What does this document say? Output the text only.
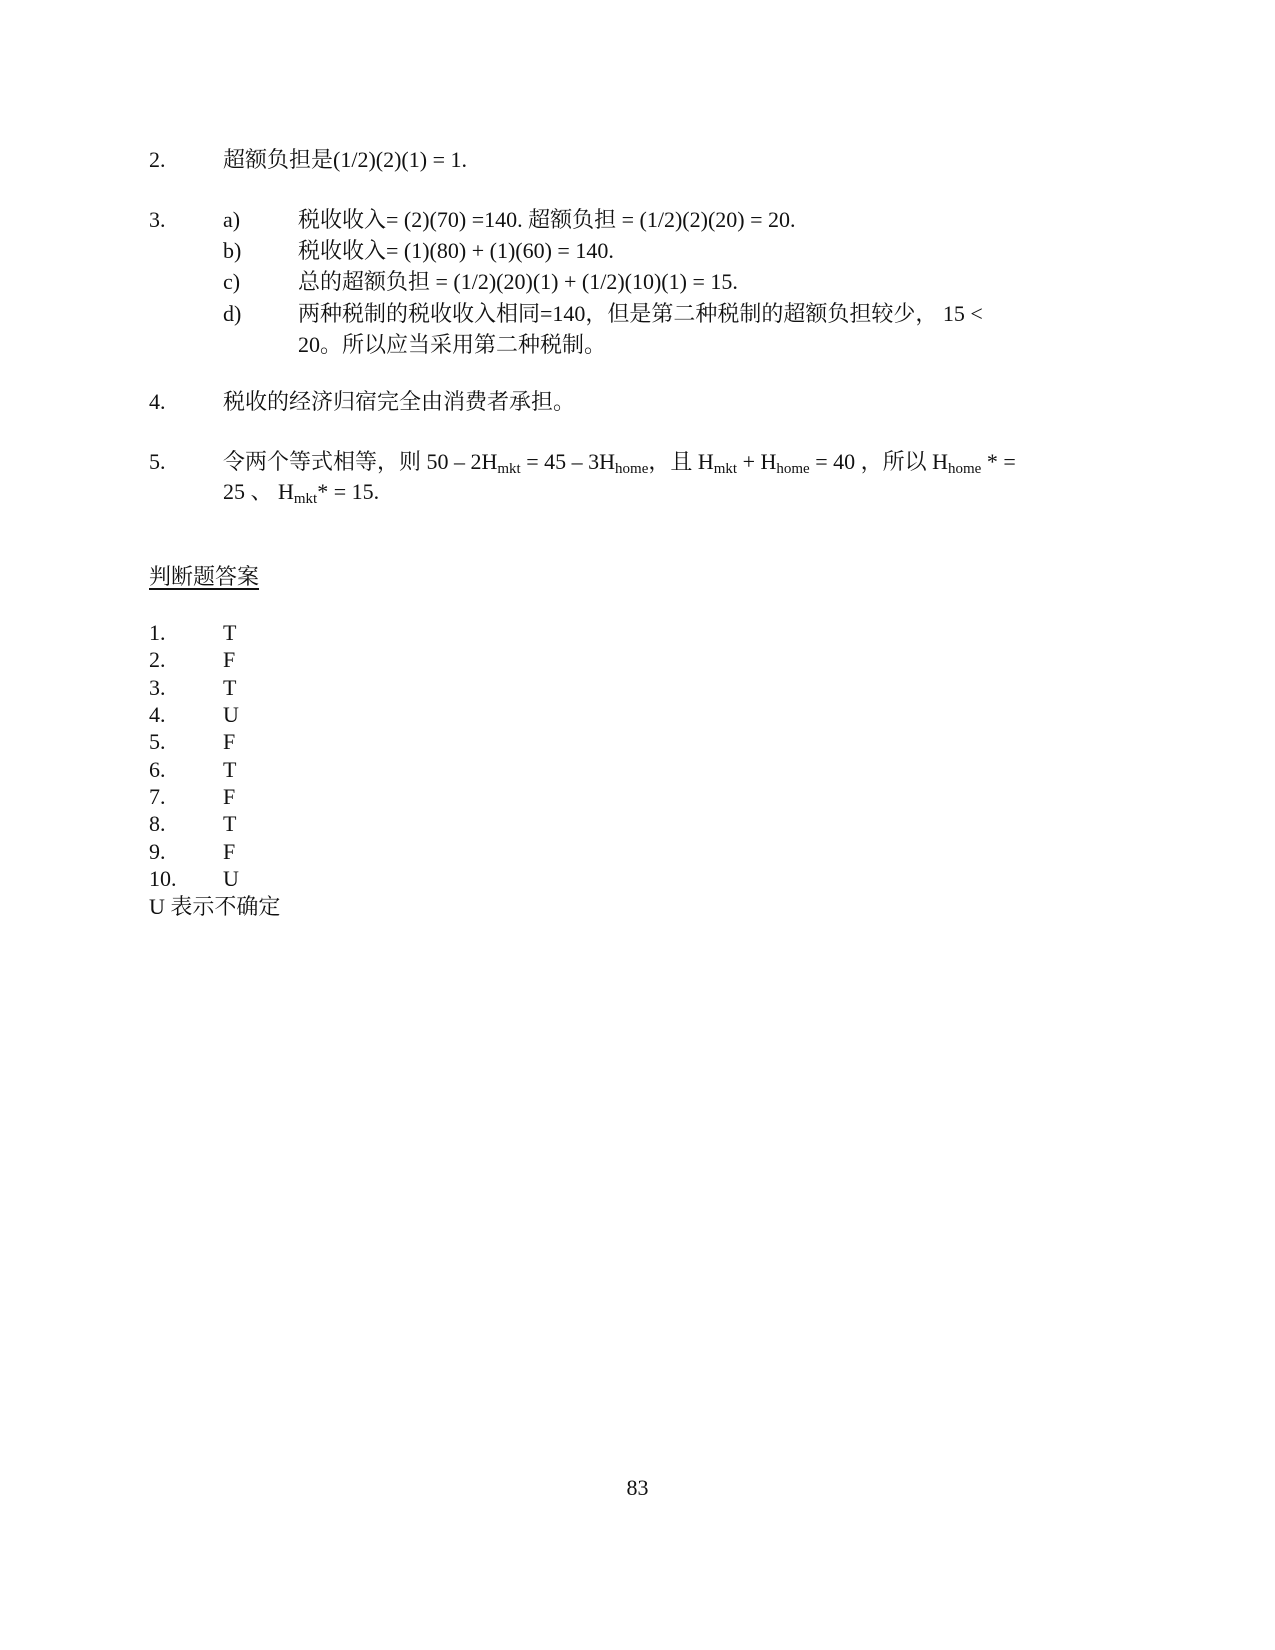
2.	超额负担是(1/2)(2)(1) = 1.
3.	a)	税收收入= (2)(70) =140. 超额负担 = (1/2)(2)(20) = 20.
b)	税收收入= (1)(80) + (1)(60) = 140.
c)	总的超额负担 = (1/2)(20)(1) + (1/2)(10)(1) = 15.
d)	两种税制的税收收入相同=140，但是第二种税制的超额负担较少， 15 <
20。所以应当采用第二种税制。
4.	税收的经济归宿完全由消费者承担。
5.	令两个等式相等，则 $50 - 2H_{mkt} = 45 - 3H_{home}$，且 $H_{mkt} + H_{home} = 40$ ，所以 $H_{home}$ * =
25 、 $H_{mkt}* = 15$.
判断题答案
1.	T
2.	F
3.	T
4.	U
5.	F
6.	T
7.	F
8.	T
9.	F
10. U
U 表示不确定
83
